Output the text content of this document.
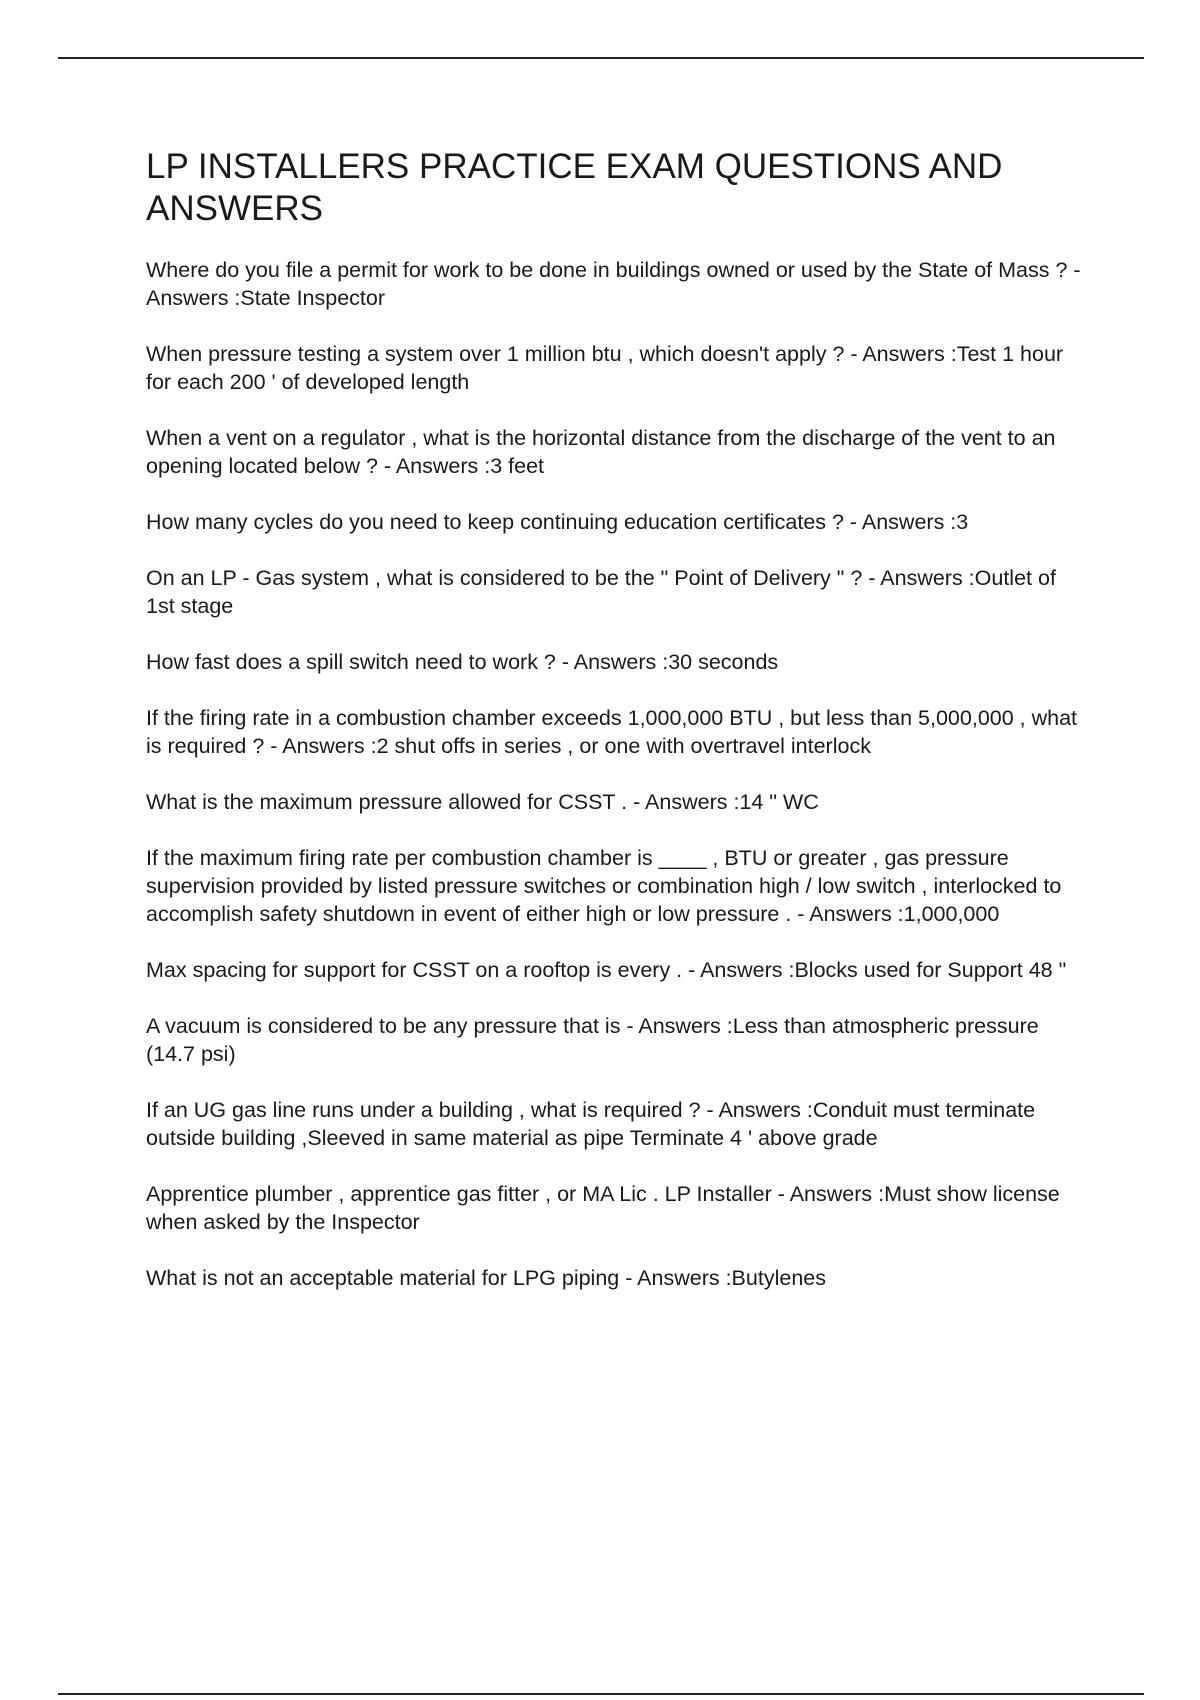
LP INSTALLERS PRACTICE EXAM QUESTIONS AND ANSWERS
Where do you file a permit for work to be done in buildings owned or used by the State of Mass ? - Answers :State Inspector
When pressure testing a system over 1 million btu , which doesn't apply ? - Answers :Test 1 hour for each 200 ' of developed length
When a vent on a regulator , what is the horizontal distance from the discharge of the vent to an opening located below ? - Answers :3 feet
How many cycles do you need to keep continuing education certificates ? - Answers :3
On an LP - Gas system , what is considered to be the " Point of Delivery " ? - Answers :Outlet of 1st stage
How fast does a spill switch need to work ? - Answers :30 seconds
If the firing rate in a combustion chamber exceeds 1,000,000 BTU , but less than 5,000,000 , what is required ? - Answers :2 shut offs in series , or one with overtravel interlock
What is the maximum pressure allowed for CSST . - Answers :14 " WC
If the maximum firing rate per combustion chamber is ____ , BTU or greater , gas pressure supervision provided by listed pressure switches or combination high / low switch , interlocked to accomplish safety shutdown in event of either high or low pressure . - Answers :1,000,000
Max spacing for support for CSST on a rooftop is every . - Answers :Blocks used for Support 48 "
A vacuum is considered to be any pressure that is - Answers :Less than atmospheric pressure (14.7 psi)
If an UG gas line runs under a building , what is required ? - Answers :Conduit must terminate outside building ,Sleeved in same material as pipe Terminate 4 ' above grade
Apprentice plumber , apprentice gas fitter , or MA Lic . LP Installer - Answers :Must show license when asked by the Inspector
What is not an acceptable material for LPG piping - Answers :Butylenes
